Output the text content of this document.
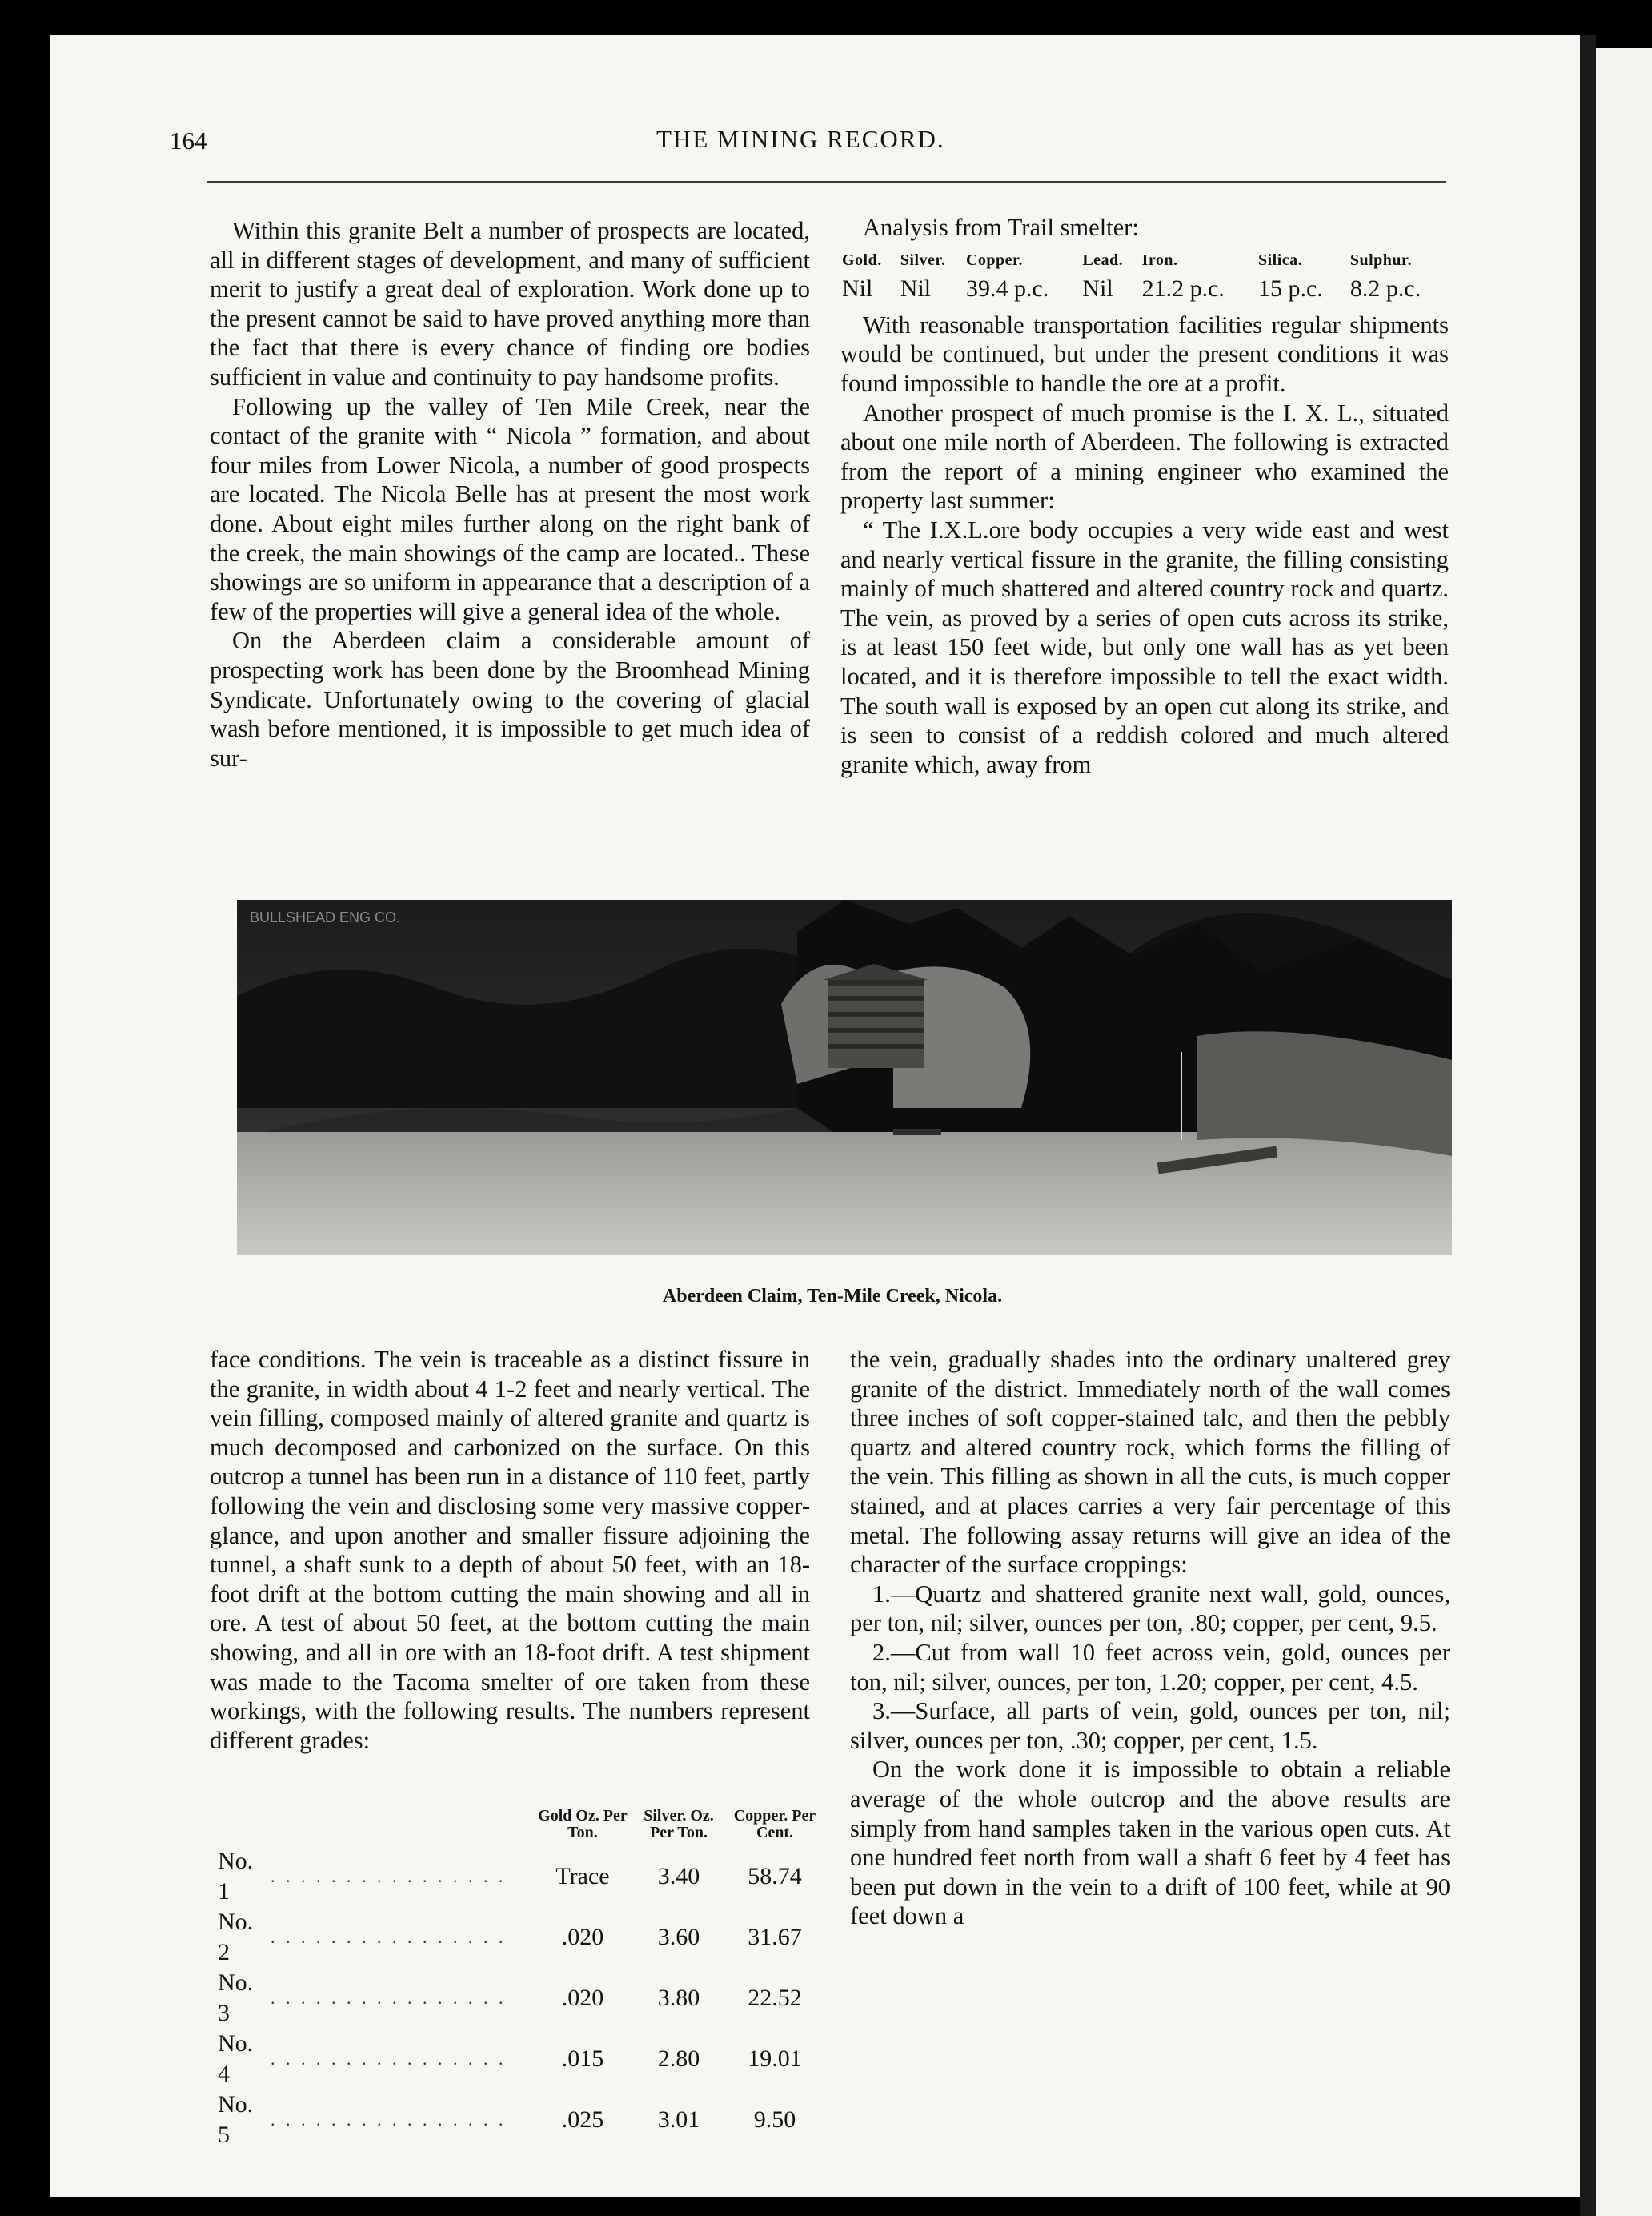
164	THE MINING RECORD.

Within this granite Belt a number of prospects are located, all in different stages of development, and many of sufficient merit to justify a great deal of exploration. Work done up to the present cannot be said to have proved anything more than the fact that there is every chance of finding ore bodies sufficient in value and continuity to pay handsome profits.

Following up the valley of Ten Mile Creek, near the contact of the granite with “ Nicola ” formation, and about four miles from Lower Nicola, a number of good prospects are located. The Nicola Belle has at present the most work done. About eight miles further along on the right bank of the creek, the main showings of the camp are located.. These showings are so uniform in appearance that a description of a few of the properties will give a general idea of the whole.

On the Aberdeen claim a considerable amount of prospecting work has been done by the Broomhead Mining Syndicate. Unfortunately owing to the covering of glacial wash before mentioned, it is impossible to get much idea of sur-

Analysis from Trail smelter:
Gold.	Silver.	Copper.	Lead.	Iron.	Silica.	Sulphur.
Nil	Nil	39.4 p.c.	Nil	21.2 p.c.	15 p.c.	8.2 p.c.

With reasonable transportation facilities regular shipments would be continued, but under the present conditions it was found impossible to handle the ore at a profit.

Another prospect of much promise is the I. X. L., situated about one mile north of Aberdeen. The following is extracted from the report of a mining engineer who examined the property last summer:

“ The I.X.L.ore body occupies a very wide east and west and nearly vertical fissure in the granite, the filling consisting mainly of much shattered and altered country rock and quartz. The vein, as proved by a series of open cuts across its strike, is at least 150 feet wide, but only one wall has as yet been located, and it is therefore impossible to tell the exact width. The south wall is exposed by an open cut along its strike, and is seen to consist of a reddish colored and much altered granite which, away from

BULLSHEAD ENG CO.
Aberdeen Claim, Ten-Mile Creek, Nicola.

face conditions. The vein is traceable as a distinct fissure in the granite, in width about 4 1-2 feet and nearly vertical. The vein filling, composed mainly of altered granite and quartz is much decomposed and carbonized on the surface. On this outcrop a tunnel has been run in a distance of 110 feet, partly following the vein and disclosing some very massive copper-glance, and upon another and smaller fissure adjoining the tunnel, a shaft sunk to a depth of about 50 feet, with an 18-foot drift at the bottom cutting the main showing and all in ore. A test of about 50 feet, at the bottom cutting the main showing, and all in ore with an 18-foot drift. A test shipment was made to the Tacoma smelter of ore taken from these workings, with the following results. The numbers represent different grades:

		Gold Oz. Per Ton.	Silver. Oz. Per Ton.	Copper. Per Cent.
No. 1	. . . . . . . . . . . . . . . .	Trace	3.40	58.74
No. 2	. . . . . . . . . . . . . . . .	.020	3.60	31.67
No. 3	. . . . . . . . . . . . . . . .	.020	3.80	22.52
No. 4	. . . . . . . . . . . . . . . .	.015	2.80	19.01
No. 5	. . . . . . . . . . . . . . . .	.025	3.01	9.50

the vein, gradually shades into the ordinary unaltered grey granite of the district. Immediately north of the wall comes three inches of soft copper-stained talc, and then the pebbly quartz and altered country rock, which forms the filling of the vein. This filling as shown in all the cuts, is much copper stained, and at places carries a very fair percentage of this metal. The following assay returns will give an idea of the character of the surface croppings:

1.—Quartz and shattered granite next wall, gold, ounces, per ton, nil; silver, ounces per ton, .80; copper, per cent, 9.5.

2.—Cut from wall 10 feet across vein, gold, ounces per ton, nil; silver, ounces, per ton, 1.20; copper, per cent, 4.5.

3.—Surface, all parts of vein, gold, ounces per ton, nil; silver, ounces per ton, .30; copper, per cent, 1.5.

On the work done it is impossible to obtain a reliable average of the whole outcrop and the above results are simply from hand samples taken in the various open cuts. At one hundred feet north from wall a shaft 6 feet by 4 feet has been put down in the vein to a drift of 100 feet, while at 90 feet down a
